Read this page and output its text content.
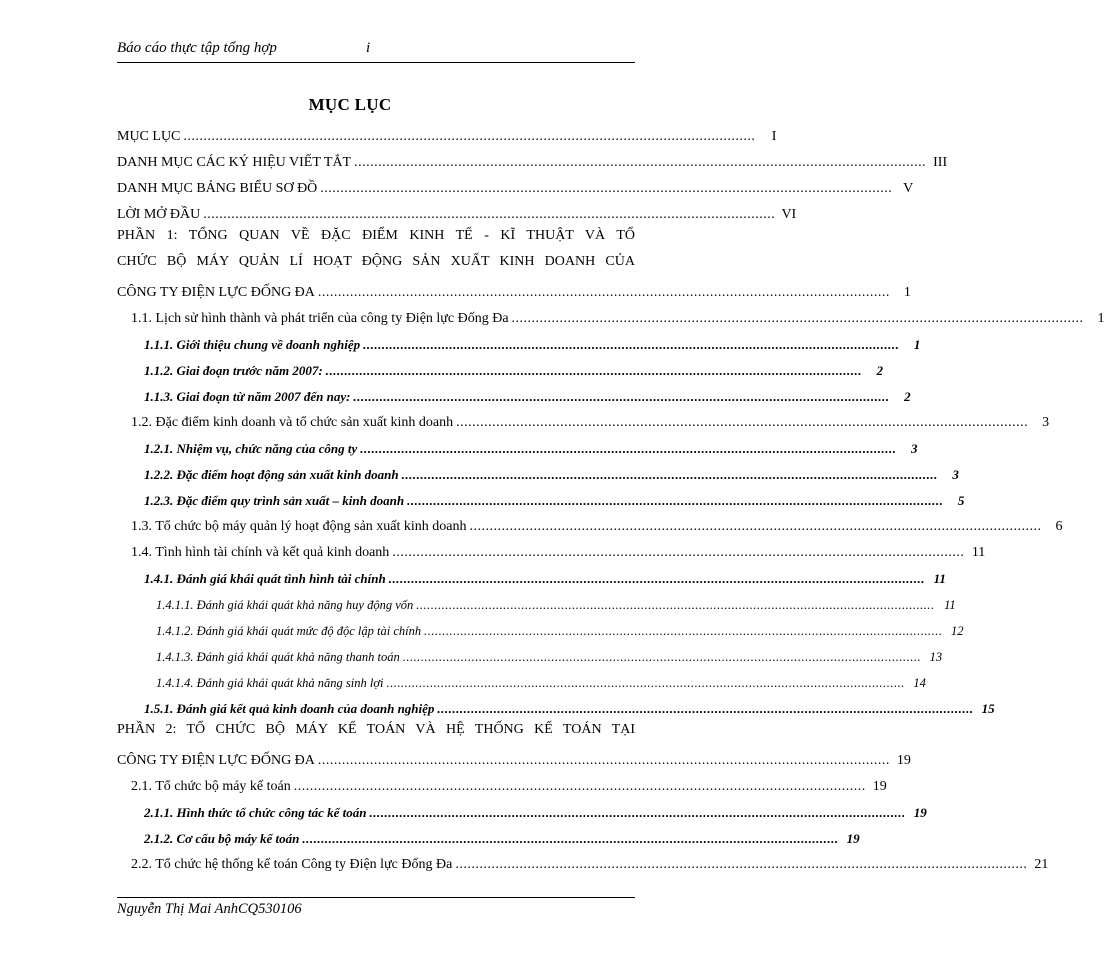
Báo cáo thực tập tổng hợp	i
MỤC LỤC
MỤC LỤC ...............................................................................................................................................	I
DANH MỤC CÁC KÝ HIỆU VIẾT TẮT ............................................................................................................................................... III
DANH MỤC BẢNG BIỂU SƠ ĐỒ ............................................................................................................................................... V
LỜI MỞ ĐẦU ............................................................................................................................................... VI
PHẦN 1: TỔNG QUAN VỀ ĐẶC ĐIỂM KINH TẾ - KĨ THUẬT VÀ TỔ
CHỨC BỘ MÁY QUẢN LÍ HOẠT ĐỘNG SẢN XUẤT KINH DOANH CỦA
CÔNG TY ĐIỆN LỰC ĐỐNG ĐA ...............................................................................................................................................	1
1.1. Lịch sử hình thành và phát triển của công ty Điện lực Đống Đa ...............................................................................................................................................	1
1.1.1. Giới thiệu chung về doanh nghiệp ...............................................................................................................................................	1
1.1.2. Giai đoạn trước năm 2007: ...............................................................................................................................................	2
1.1.3. Giai đoạn từ năm 2007 đến nay: ...............................................................................................................................................	2
1.2. Đặc điểm kinh doanh và tổ chức sản xuất kinh doanh ...............................................................................................................................................	3
1.2.1. Nhiệm vụ, chức năng của công ty ...............................................................................................................................................	3
1.2.2. Đặc điểm hoạt động sản xuất kinh doanh ...............................................................................................................................................	3
1.2.3. Đặc điểm quy trình sản xuất – kinh doanh ...............................................................................................................................................	5
1.3. Tổ chức bộ máy quản lý hoạt động sản xuất kinh doanh ...............................................................................................................................................	6
1.4. Tình hình tài chính và kết quả kinh doanh ............................................................................................................................................... 11
1.4.1. Đánh giá khái quát tình hình tài chính ............................................................................................................................................... 11
1.4.1.1. Đánh giá khái quát khả năng huy động vốn ............................................................................................................................................... 11
1.4.1.2. Đánh giá khái quát mức độ độc lập tài chính ............................................................................................................................................... 12
1.4.1.3. Đánh giá khái quát khả năng thanh toán ............................................................................................................................................... 13
1.4.1.4. Đánh giá khái quát khả năng sinh lợi ............................................................................................................................................... 14
1.5.1. Đánh giá kết quả kinh doanh của doanh nghiệp ............................................................................................................................................... 15
PHẦN 2: TỔ CHỨC BỘ MÁY KẾ TOÁN VÀ HỆ THỐNG KẾ TOÁN TẠI
CÔNG TY ĐIỆN LỰC ĐỐNG ĐA ............................................................................................................................................... 19
2.1. Tổ chức bộ máy kế toán ............................................................................................................................................... 19
2.1.1. Hình thức tổ chức công tác kế toán ............................................................................................................................................... 19
2.1.2. Cơ cấu bộ máy kế toán ............................................................................................................................................... 19
2.2. Tổ chức hệ thống kế toán Công ty Điện lực Đống Đa ............................................................................................................................................... 21
Nguyễn Thị Mai AnhCQ530106
